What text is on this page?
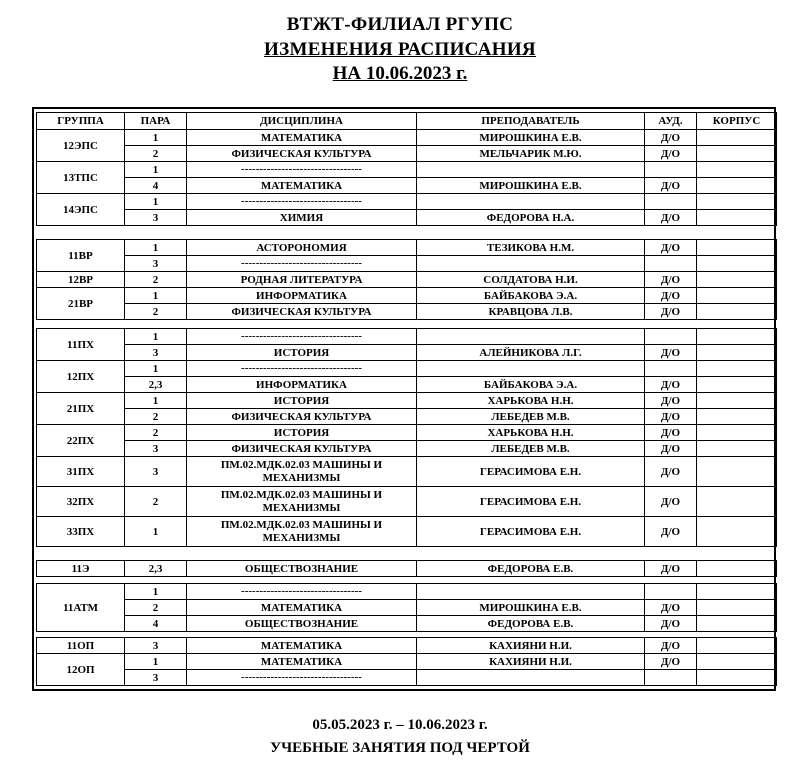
ВТЖТ-ФИЛИАЛ РГУПС
ИЗМЕНЕНИЯ РАСПИСАНИЯ
НА 10.06.2023 г.
ГРУППА	ПАРА	ДИСЦИПЛИНА	ПРЕПОДАВАТЕЛЬ	АУД.	КОРПУС
12ЭПС	1	МАТЕМАТИКА	МИРОШКИНА Е.В.	Д/О	
	2	ФИЗИЧЕСКАЯ КУЛЬТУРА	МЕЛЬЧАРИК М.Ю.	Д/О	
13ТПС	1	---------------------------------			
	4	МАТЕМАТИКА	МИРОШКИНА Е.В.	Д/О	
14ЭПС	1	---------------------------------			
	3	ХИМИЯ	ФЕДОРОВА Н.А.	Д/О	
11ВР	1	АСТОРОНОМИЯ	ТЕЗИКОВА Н.М.	Д/О	
	3	---------------------------------			
12ВР	2	РОДНАЯ ЛИТЕРАТУРА	СОЛДАТОВА Н.И.	Д/О	
21ВР	1	ИНФОРМАТИКА	БАЙБАКОВА Э.А.	Д/О	
	2	ФИЗИЧЕСКАЯ КУЛЬТУРА	КРАВЦОВА Л.В.	Д/О	
11ПХ	1	---------------------------------			
	3	ИСТОРИЯ	АЛЕЙНИКОВА Л.Г.	Д/О	
12ПХ	1	---------------------------------			
	2,3	ИНФОРМАТИКА	БАЙБАКОВА Э.А.	Д/О	
21ПХ	1	ИСТОРИЯ	ХАРЬКОВА Н.Н.	Д/О	
	2	ФИЗИЧЕСКАЯ КУЛЬТУРА	ЛЕБЕДЕВ М.В.	Д/О	
22ПХ	2	ИСТОРИЯ	ХАРЬКОВА Н.Н.	Д/О	
	3	ФИЗИЧЕСКАЯ КУЛЬТУРА	ЛЕБЕДЕВ М.В.	Д/О	
31ПХ	3	ПМ.02.МДК.02.03 МАШИНЫ И МЕХАНИЗМЫ	ГЕРАСИМОВА Е.Н.	Д/О	
32ПХ	2	ПМ.02.МДК.02.03 МАШИНЫ И МЕХАНИЗМЫ	ГЕРАСИМОВА Е.Н.	Д/О	
33ПХ	1	ПМ.02.МДК.02.03 МАШИНЫ И МЕХАНИЗМЫ	ГЕРАСИМОВА Е.Н.	Д/О	
11Э	2,3	ОБЩЕСТВОЗНАНИЕ	ФЕДОРОВА Е.В.	Д/О	
11АТМ	1	---------------------------------			
	2	МАТЕМАТИКА	МИРОШКИНА Е.В.	Д/О	
	4	ОБЩЕСТВОЗНАНИЕ	ФЕДОРОВА Е.В.	Д/О	
11ОП	3	МАТЕМАТИКА	КАХИЯНИ Н.И.	Д/О	
12ОП	1	МАТЕМАТИКА	КАХИЯНИ Н.И.	Д/О	
	3	---------------------------------			
05.05.2023 г. – 10.06.2023 г.
УЧЕБНЫЕ ЗАНЯТИЯ ПОД ЧЕРТОЙ
